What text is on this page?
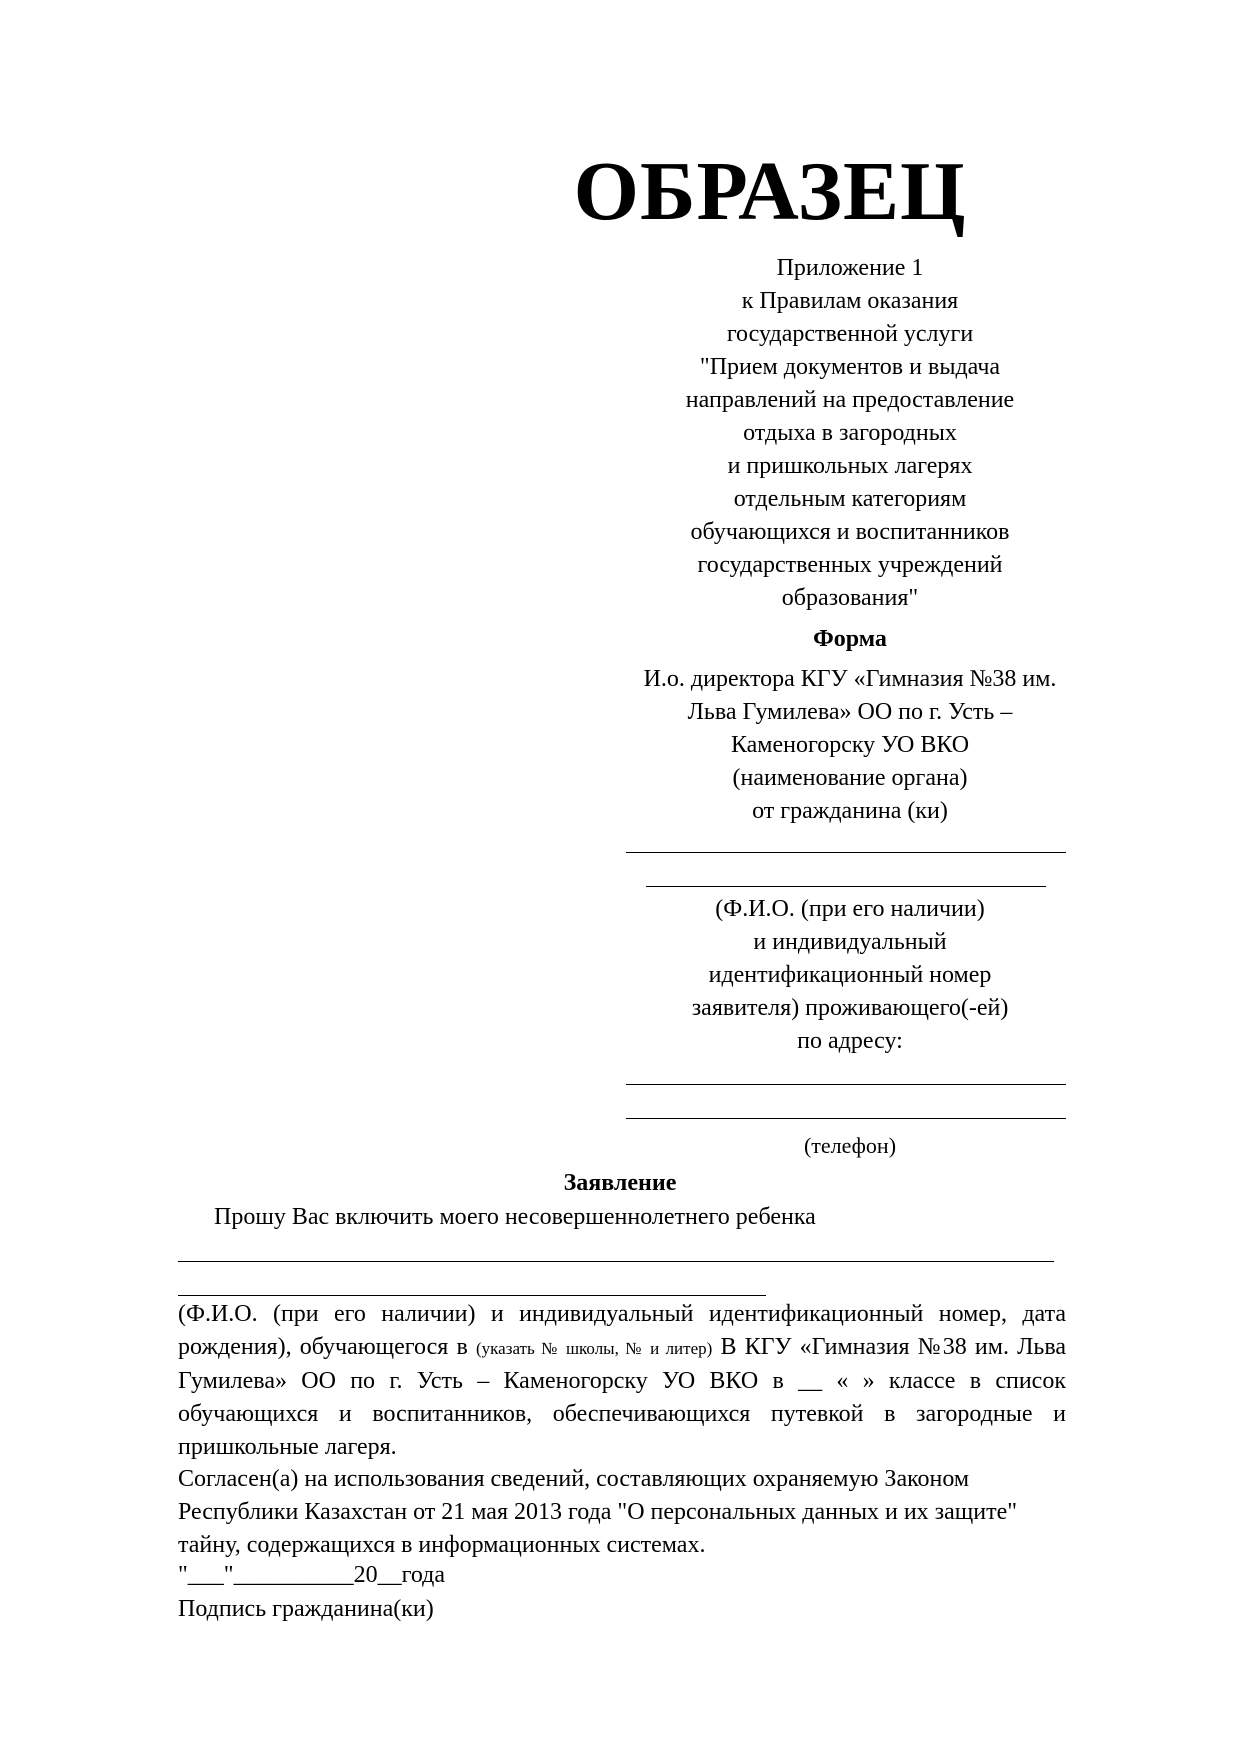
ОБРАЗЕЦ
Приложение 1
к Правилам оказания
государственной услуги
"Прием документов и выдача
направлений на предоставление
отдыха в загородных
и пришкольных лагерях
отдельным категориям
обучающихся и воспитанников
государственных учреждений
образования"
Форма
И.о. директора КГУ «Гимназия №38 им.
Льва Гумилева» ОО по г. Усть –
Каменогорску УО ВКО
(наименование органа)
от гражданина (ки)
(Ф.И.О. (при его наличии)
и индивидуальный
идентификационный номер
заявителя) проживающего(-ей)
по адресу:
(телефон)
Заявление
Прошу Вас включить моего несовершеннолетнего ребенка
(Ф.И.О. (при его наличии) и индивидуальный идентификационный номер, дата рождения), обучающегося в (указать № школы, № и литер) В КГУ «Гимназия №38 им. Льва Гумилева» ОО по г. Усть – Каменогорску УО ВКО в __ « » классе в список обучающихся и воспитанников, обеспечивающихся путевкой в загородные и пришкольные лагеря.
Согласен(а) на использования сведений, составляющих охраняемую Законом
Республики Казахстан от 21 мая 2013 года "О персональных данных и их защите"
тайну, содержащихся в информационных системах.
"___"__________20__года
Подпись гражданина(ки)
